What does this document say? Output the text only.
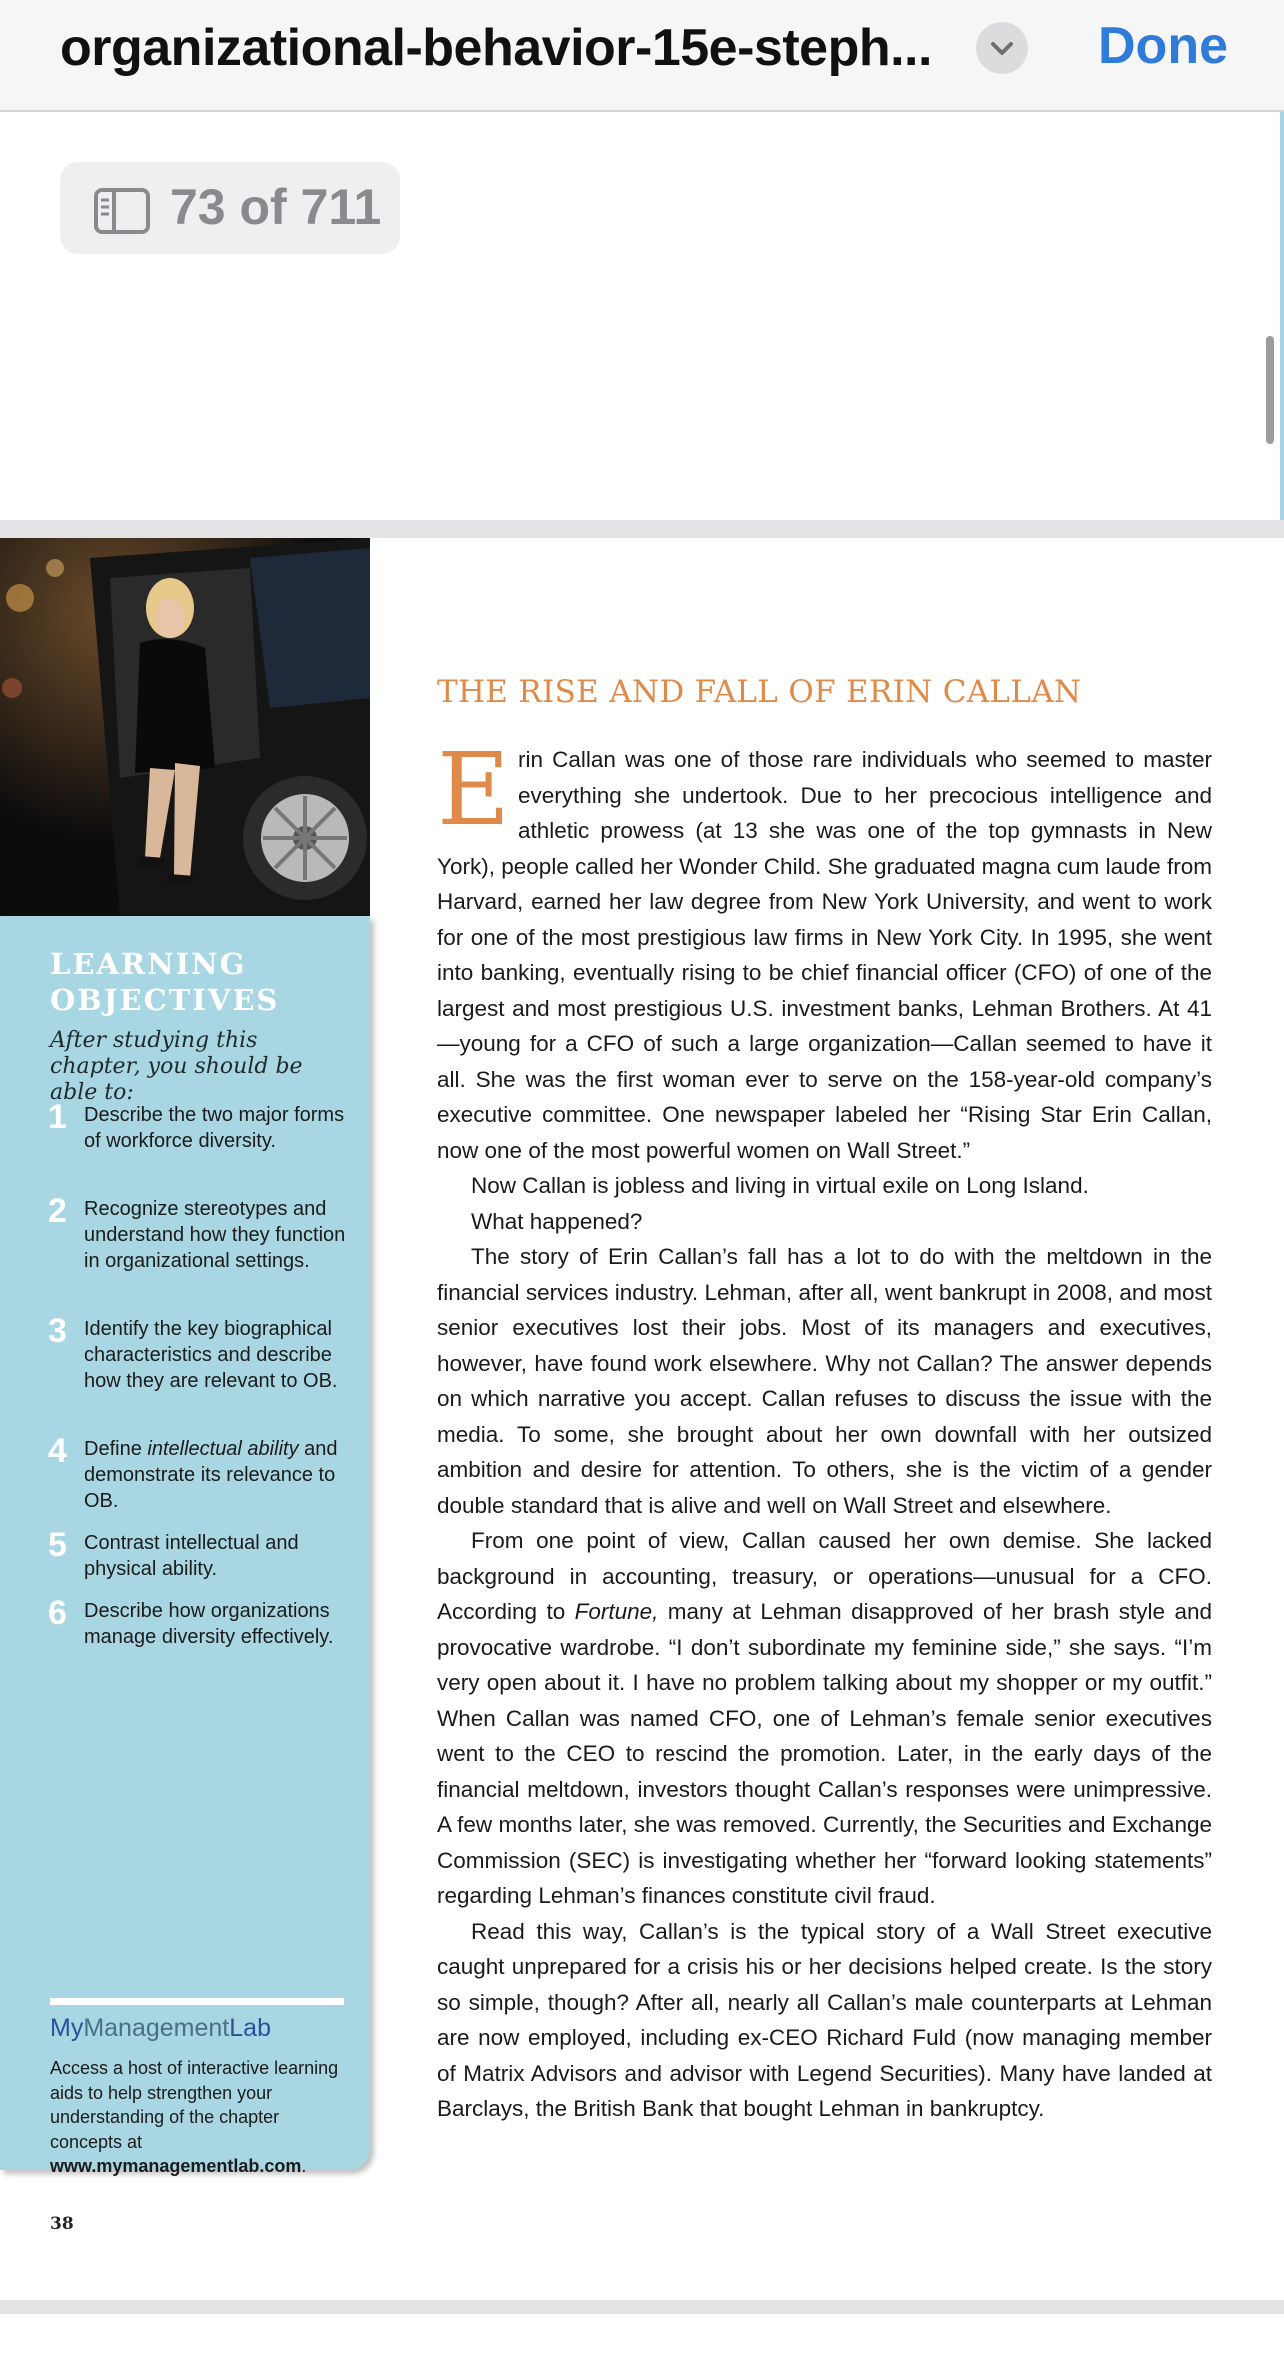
organizational-behavior-15e-steph...	Done
73 of 711
LEARNING
OBJECTIVES
After studying this chapter, you should be able to:
1 Describe the two major forms of workforce diversity.
2 Recognize stereotypes and understand how they function in organizational settings.
3 Identify the key biographical characteristics and describe how they are relevant to OB.
4 Define intellectual ability and demonstrate its relevance to OB.
5 Contrast intellectual and physical ability.
6 Describe how organizations manage diversity effectively.
MyManagementLab
Access a host of interactive learning aids to help strengthen your understanding of the chapter concepts at www.mymanagementlab.com.
THE RISE AND FALL OF ERIN CALLAN

Erin Callan was one of those rare individuals who seemed to master everything she undertook. Due to her precocious intelligence and athletic prowess (at 13 she was one of the top gymnasts in New York), people called her Wonder Child. She graduated magna cum laude from Harvard, earned her law degree from New York University, and went to work for one of the most prestigious law firms in New York City. In 1995, she went into banking, eventually rising to be chief financial officer (CFO) of one of the largest and most prestigious U.S. investment banks, Lehman Brothers. At 41—young for a CFO of such a large organization—Callan seemed to have it all. She was the first woman ever to serve on the 158-year-old company’s executive committee. One newspaper labeled her “Rising Star Erin Callan, now one of the most powerful women on Wall Street.”

Now Callan is jobless and living in virtual exile on Long Island.

What happened?

The story of Erin Callan’s fall has a lot to do with the meltdown in the financial services industry. Lehman, after all, went bankrupt in 2008, and most senior executives lost their jobs. Most of its managers and executives, however, have found work elsewhere. Why not Callan? The answer depends on which narrative you accept. Callan refuses to discuss the issue with the media. To some, she brought about her own downfall with her outsized ambition and desire for attention. To others, she is the victim of a gender double standard that is alive and well on Wall Street and elsewhere.

From one point of view, Callan caused her own demise. She lacked background in accounting, treasury, or operations—unusual for a CFO. According to Fortune, many at Lehman disapproved of her brash style and provocative wardrobe. “I don’t subordinate my feminine side,” she says. “I’m very open about it. I have no problem talking about my shopper or my outfit.” When Callan was named CFO, one of Lehman’s female senior executives went to the CEO to rescind the promotion. Later, in the early days of the financial meltdown, investors thought Callan’s responses were unimpressive. A few months later, she was removed. Currently, the Securities and Exchange Commission (SEC) is investigating whether her “forward looking statements” regarding Lehman’s finances constitute civil fraud.

Read this way, Callan’s is the typical story of a Wall Street executive caught unprepared for a crisis his or her decisions helped create. Is the story so simple, though? After all, nearly all Callan’s male counterparts at Lehman are now employed, including ex-CEO Richard Fuld (now managing member of Matrix Advisors and advisor with Legend Securities). Many have landed at Barclays, the British Bank that bought Lehman in bankruptcy.

38
